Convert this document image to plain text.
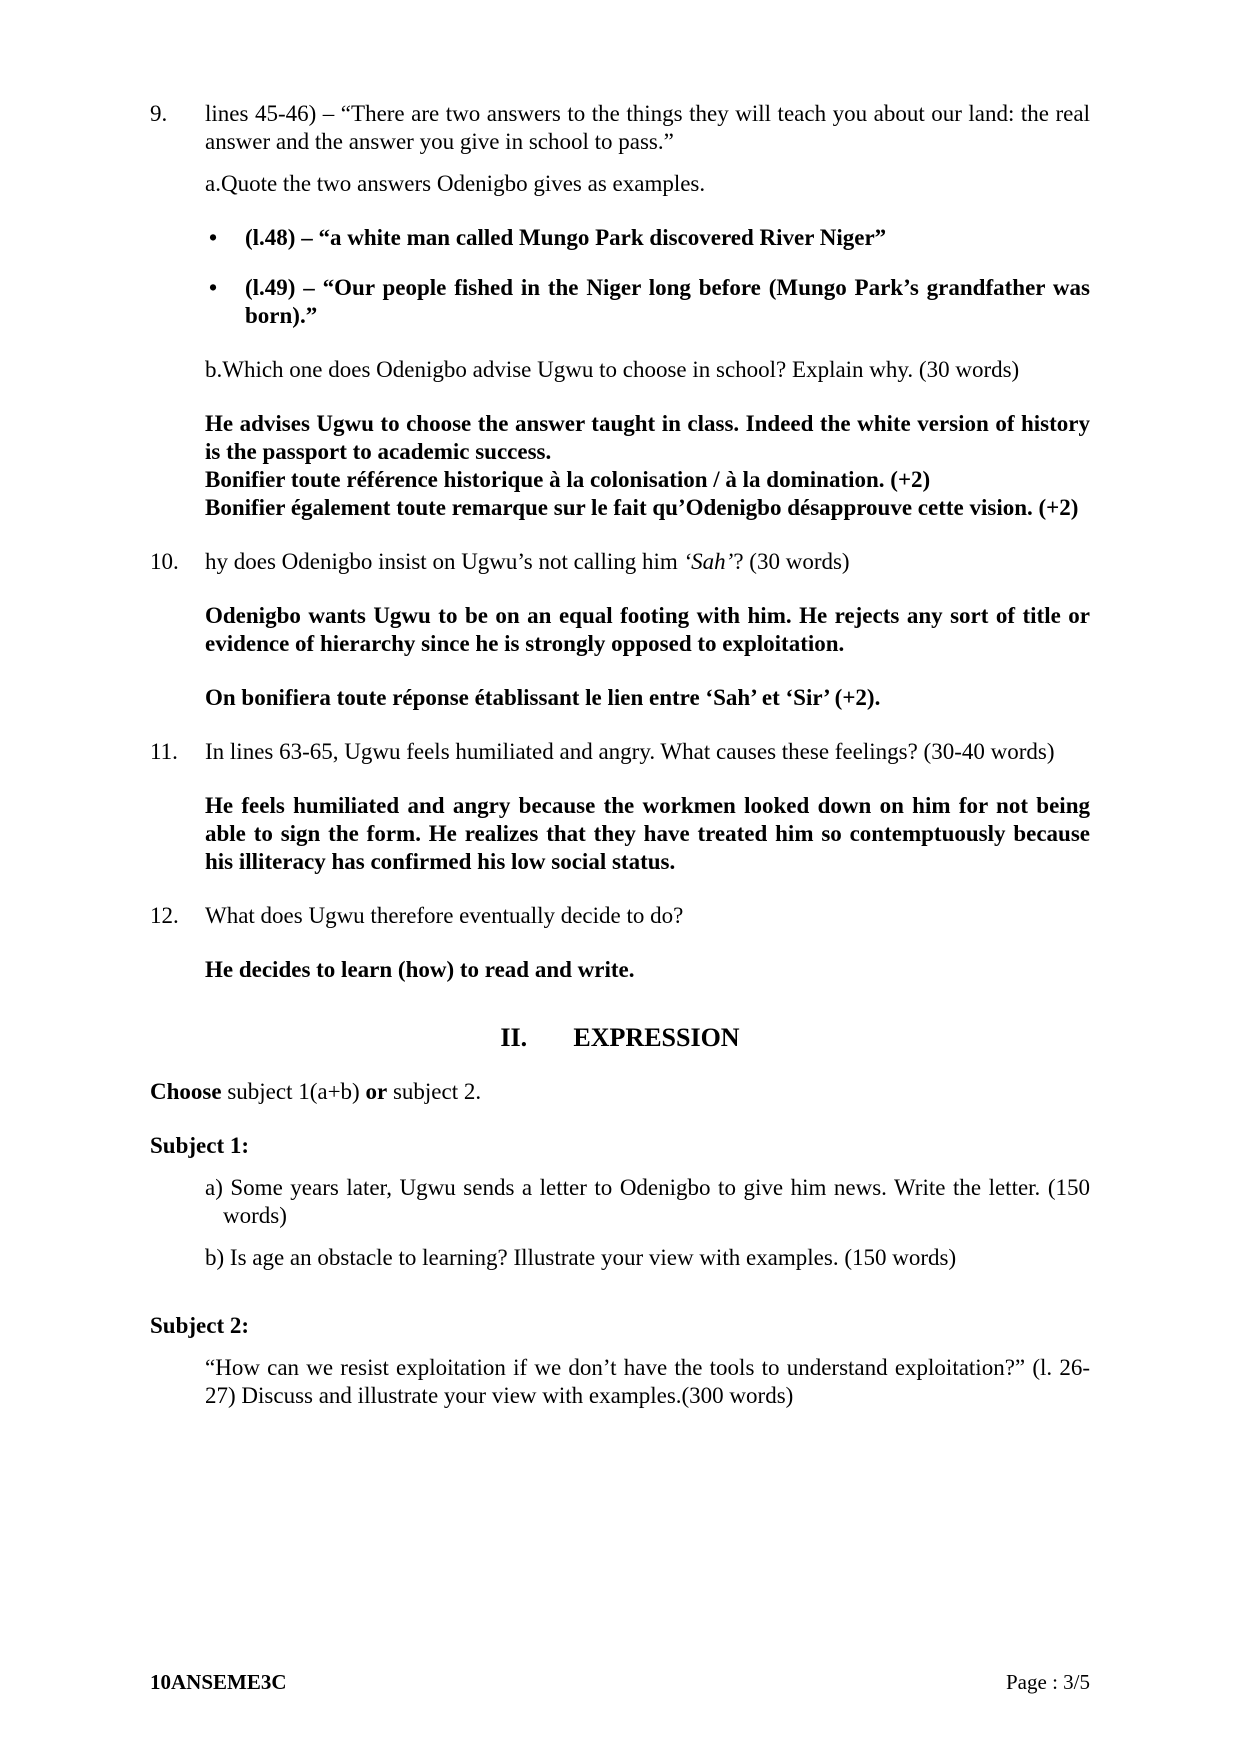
9. lines 45-46) – “There are two answers to the things they will teach you about our land: the real answer and the answer you give in school to pass.”

a.Quote the two answers Odenigbo gives as examples.

• (l.48) – “a white man called Mungo Park discovered River Niger”
• (l.49) – “Our people fished in the Niger long before (Mungo Park’s grandfather was born).”

b.Which one does Odenigbo advise Ugwu to choose in school? Explain why. (30 words)

He advises Ugwu to choose the answer taught in class. Indeed the white version of history is the passport to academic success.

Bonifier toute référence historique à la colonisation / à la domination. (+2)

Bonifier également toute remarque sur le fait qu’Odenigbo désapprouve cette vision. (+2)

10. hy does Odenigbo insist on Ugwu’s not calling him ‘Sah’? (30 words)

Odenigbo wants Ugwu to be on an equal footing with him. He rejects any sort of title or evidence of hierarchy since he is strongly opposed to exploitation.

On bonifiera toute réponse établissant le lien entre ‘Sah’ et ‘Sir’ (+2).

11. In lines 63-65, Ugwu feels humiliated and angry. What causes these feelings? (30-40 words)

He feels humiliated and angry because the workmen looked down on him for not being able to sign the form. He realizes that they have treated him so contemptuously because his illiteracy has confirmed his low social status.

12. What does Ugwu therefore eventually decide to do?

He decides to learn (how) to read and write.

II. EXPRESSION

Choose subject 1(a+b) or subject 2.

Subject 1:

a) Some years later, Ugwu sends a letter to Odenigbo to give him news. Write the letter. (150 words)

b) Is age an obstacle to learning? Illustrate your view with examples. (150 words)

Subject 2:

“How can we resist exploitation if we don’t have the tools to understand exploitation?” (l. 26-27) Discuss and illustrate your view with examples.(300 words)

10ANSEME3C	Page : 3/5
